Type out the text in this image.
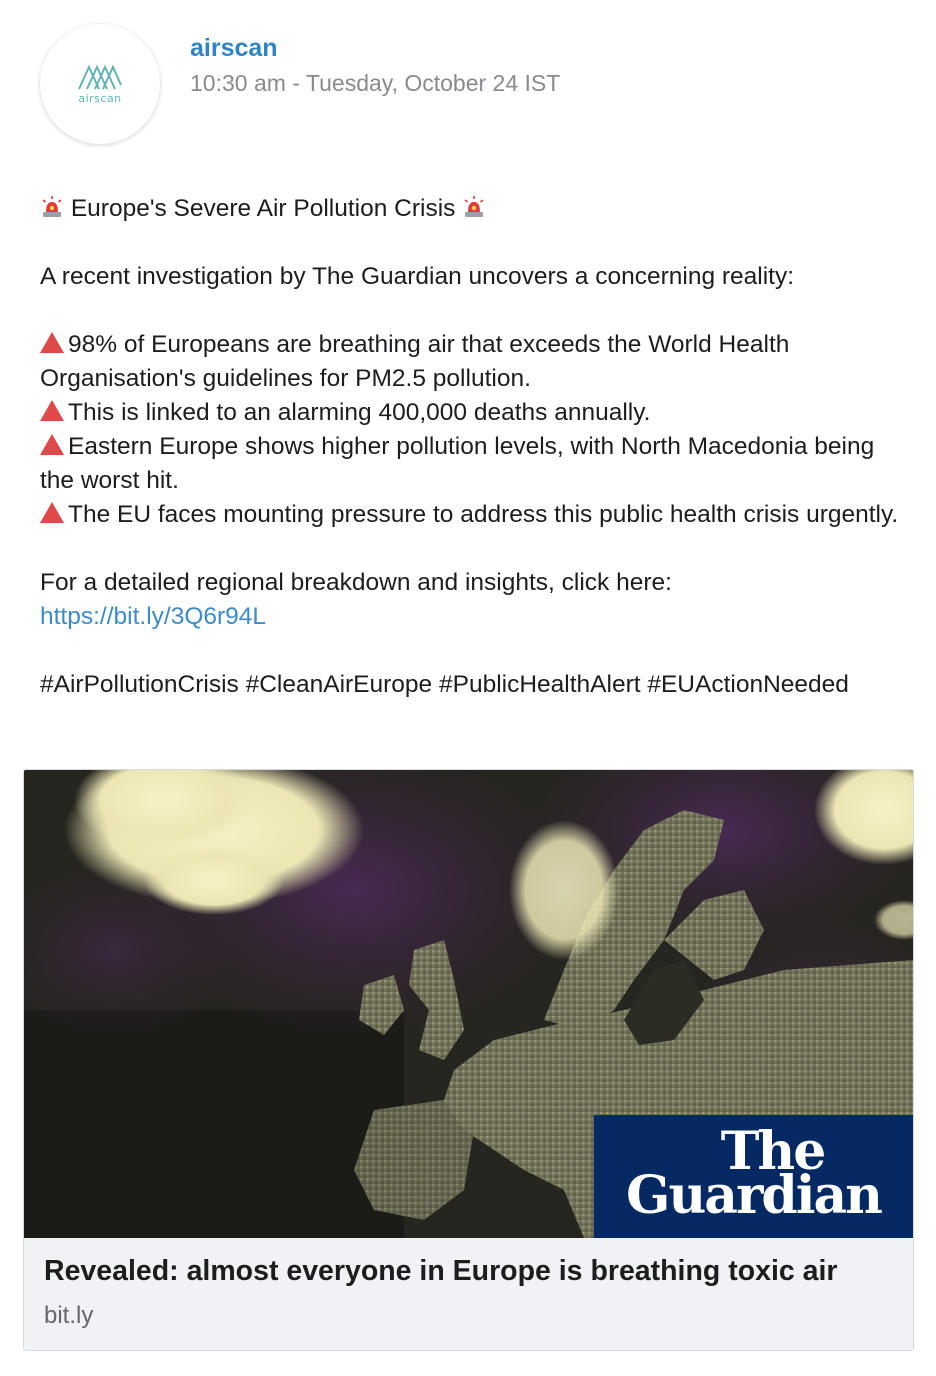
airscan
airscan
10:30 am - Tuesday, October 24 IST

Europe's Severe Air Pollution Crisis

A recent investigation by The Guardian uncovers a concerning reality:

98% of Europeans are breathing air that exceeds the World Health Organisation's guidelines for PM2.5 pollution.

This is linked to an alarming 400,000 deaths annually.

Eastern Europe shows higher pollution levels, with North Macedonia being the worst hit.

The EU faces mounting pressure to address this public health crisis urgently.

For a detailed regional breakdown and insights, click here:

https://bit.ly/3Q6r94L

#AirPollutionCrisis #CleanAirEurope #PublicHealthAlert #EUActionNeeded

The
Guardian
Revealed: almost everyone in Europe is breathing toxic air
bit.ly
